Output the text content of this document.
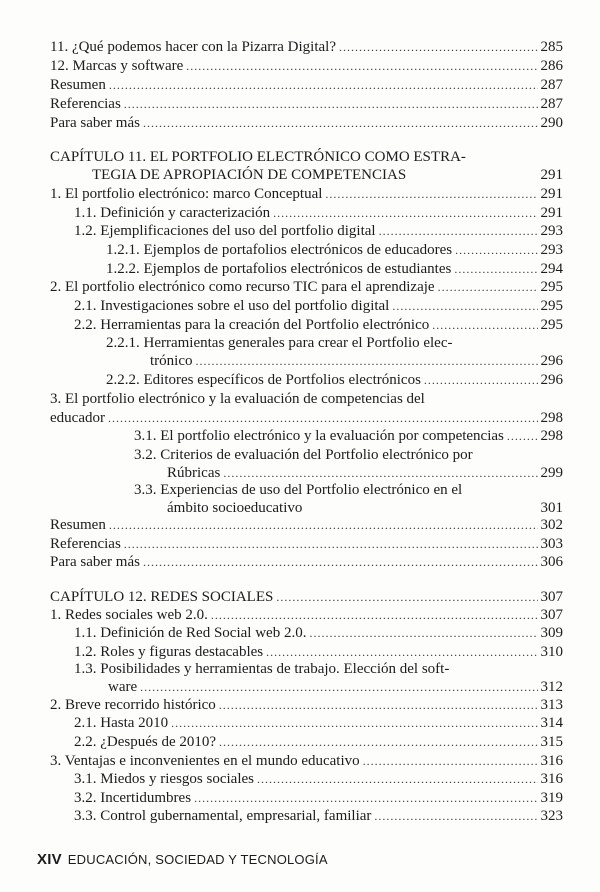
11. ¿Qué podemos hacer con la Pizarra Digital? .....	285
12. Marcas y software .....	286
Resumen .....	287
Referencias .....	287
Para saber más .....	290
CAPÍTULO 11. EL PORTFOLIO ELECTRÓNICO COMO ESTRA-
TEGIA DE APROPIACIÓN DE COMPETENCIAS	291
1. El portfolio electrónico: marco Conceptual .....	291
1.1. Definición y caracterización .....	291
1.2. Ejemplificaciones del uso del portfolio digital .....	293
1.2.1. Ejemplos de portafolios electrónicos de educadores .....	293
1.2.2. Ejemplos de portafolios electrónicos de estudiantes .....	294
2. El portfolio electrónico como recurso TIC para el aprendizaje .....	295
2.1. Investigaciones sobre el uso del portfolio digital .....	295
2.2. Herramientas para la creación del Portfolio electrónico .....	295
2.2.1. Herramientas generales para crear el Portfolio elec-
trónico .....	296
2.2.2. Editores específicos de Portfolios electrónicos .....	296
3. El portfolio electrónico y la evaluación de competencias del
educador .....	298
3.1. El portfolio electrónico y la evaluación por competencias ..... 298
3.2. Criterios de evaluación del Portfolio electrónico por
Rúbricas .....	299
3.3. Experiencias de uso del Portfolio electrónico en el
ámbito socioeducativo	301
Resumen .....	302
Referencias .....	303
Para saber más .....	306
CAPÍTULO 12. REDES SOCIALES .....	307
1. Redes sociales web 2.0. .....	307
1.1. Definición de Red Social web 2.0. .....	309
1.2. Roles y figuras destacables .....	310
1.3. Posibilidades y herramientas de trabajo. Elección del soft-
ware .....	312
2. Breve recorrido histórico .....	313
2.1. Hasta 2010 .....	314
2.2. ¿Después de 2010? .....	315
3. Ventajas e inconvenientes en el mundo educativo .....	316
3.1. Miedos y riesgos sociales .....	316
3.2. Incertidumbres .....	319
3.3. Control gubernamental, empresarial, familiar .....	323
XIV EDUCACIÓN, SOCIEDAD Y TECNOLOGÍA
